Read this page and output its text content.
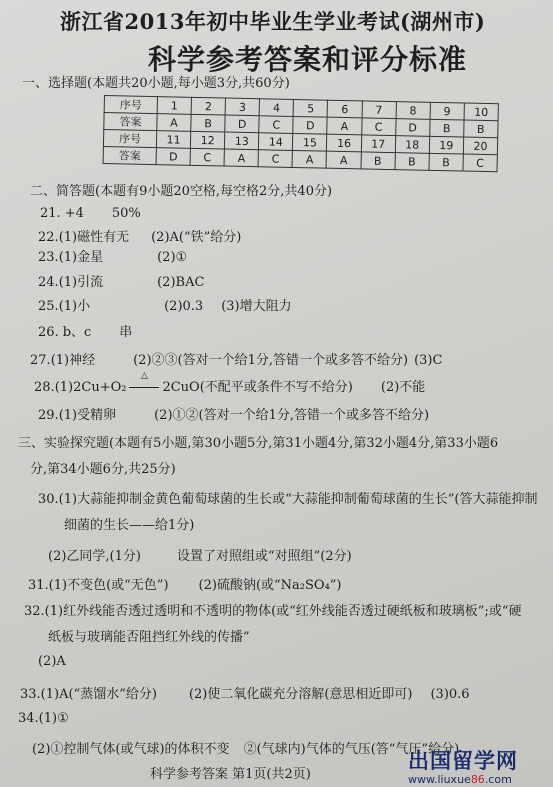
浙江省2013年初中毕业生学业考试(湖州市)
科学参考答案和评分标准
一、选择题(本题共20小题,每小题3分,共60分)
序号	1	2	3	4	5	6	7	8	9	10
答案	A	B	D	C	D	A	C	D	B	B
序号	11	12	13	14	15	16	17	18	19	20
答案	D	C	A	C	A	A	B	B	B	C
二、简答题(本题有9小题20空格,每空格2分,共40分)
21. +4 50%
22.(1)磁性有无 (2)A(“铁”给分)
23.(1)金星	(2)①
24.(1)引流	(2)BAC
25.(1)小	(2)0.3 (3)增大阻力
26. b、c 串
27.(1)神经	(2)②③(答对一个给1分,答错一个或多答不给分) (3)C
28.(1)2Cu+O₂
△
2CuO(不配平或条件不写不给分) (2)不能
29.(1)受精卵	(2)①②(答对一个给1分,答错一个或多答不给分)
三、实验探究题(本题有5小题,第30小题5分,第31小题4分,第32小题4分,第33小题6
分,第34小题6分,共25分)
30.(1)大蒜能抑制金黄色葡萄球菌的生长或“大蒜能抑制葡萄球菌的生长”(答大蒜能抑制
细菌的生长——给1分)
(2)乙同学,(1分)	设置了对照组或“对照组”(2分)
31.(1)不变色(或“无色”) (2)硫酸钠(或“Na₂SO₄”)
32.(1)红外线能否透过透明和不透明的物体(或“红外线能否透过硬纸板和玻璃板”;或“硬
纸板与玻璃能否阻挡红外线的传播”
(2)A
33.(1)A(“蒸馏水”给分) (2)使二氧化碳充分溶解(意思相近即可) (3)0.6
34.(1)①
(2)①控制气体(或气球)的体积不变 ②(气球内)气体的气压(答“气压”给分)
科学参考答案 第1页(共2页)
出国留学网
www.liuxue86.com
